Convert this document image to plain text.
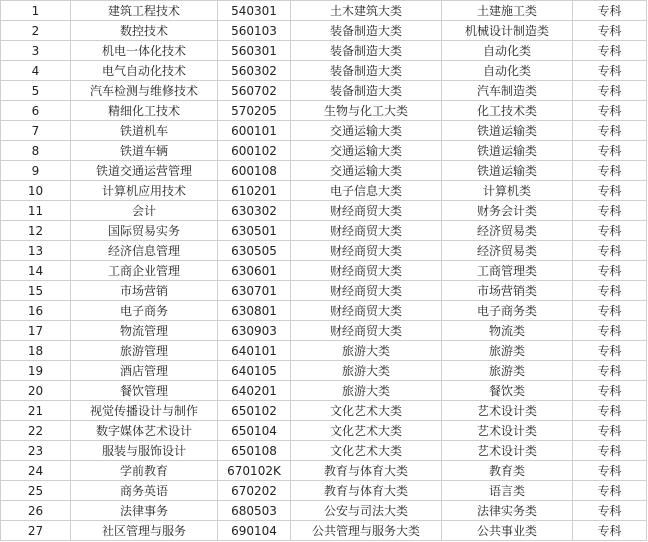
1	建筑工程技术	540301	土木建筑大类	土建施工类	专科
2	数控技术	560103	装备制造大类	机械设计制造类	专科
3	机电一体化技术	560301	装备制造大类	自动化类	专科
4	电气自动化技术	560302	装备制造大类	自动化类	专科
5	汽车检测与维修技术	560702	装备制造大类	汽车制造类	专科
6	精细化工技术	570205	生物与化工大类	化工技术类	专科
7	铁道机车	600101	交通运输大类	铁道运输类	专科
8	铁道车辆	600102	交通运输大类	铁道运输类	专科
9	铁道交通运营管理	600108	交通运输大类	铁道运输类	专科
10	计算机应用技术	610201	电子信息大类	计算机类	专科
11	会计	630302	财经商贸大类	财务会计类	专科
12	国际贸易实务	630501	财经商贸大类	经济贸易类	专科
13	经济信息管理	630505	财经商贸大类	经济贸易类	专科
14	工商企业管理	630601	财经商贸大类	工商管理类	专科
15	市场营销	630701	财经商贸大类	市场营销类	专科
16	电子商务	630801	财经商贸大类	电子商务类	专科
17	物流管理	630903	财经商贸大类	物流类	专科
18	旅游管理	640101	旅游大类	旅游类	专科
19	酒店管理	640105	旅游大类	旅游类	专科
20	餐饮管理	640201	旅游大类	餐饮类	专科
21	视觉传播设计与制作	650102	文化艺术大类	艺术设计类	专科
22	数字媒体艺术设计	650104	文化艺术大类	艺术设计类	专科
23	服装与服饰设计	650108	文化艺术大类	艺术设计类	专科
24	学前教育	670102K	教育与体育大类	教育类	专科
25	商务英语	670202	教育与体育大类	语言类	专科
26	法律事务	680503	公安与司法大类	法律实务类	专科
27	社区管理与服务	690104	公共管理与服务大类	公共事业类	专科
